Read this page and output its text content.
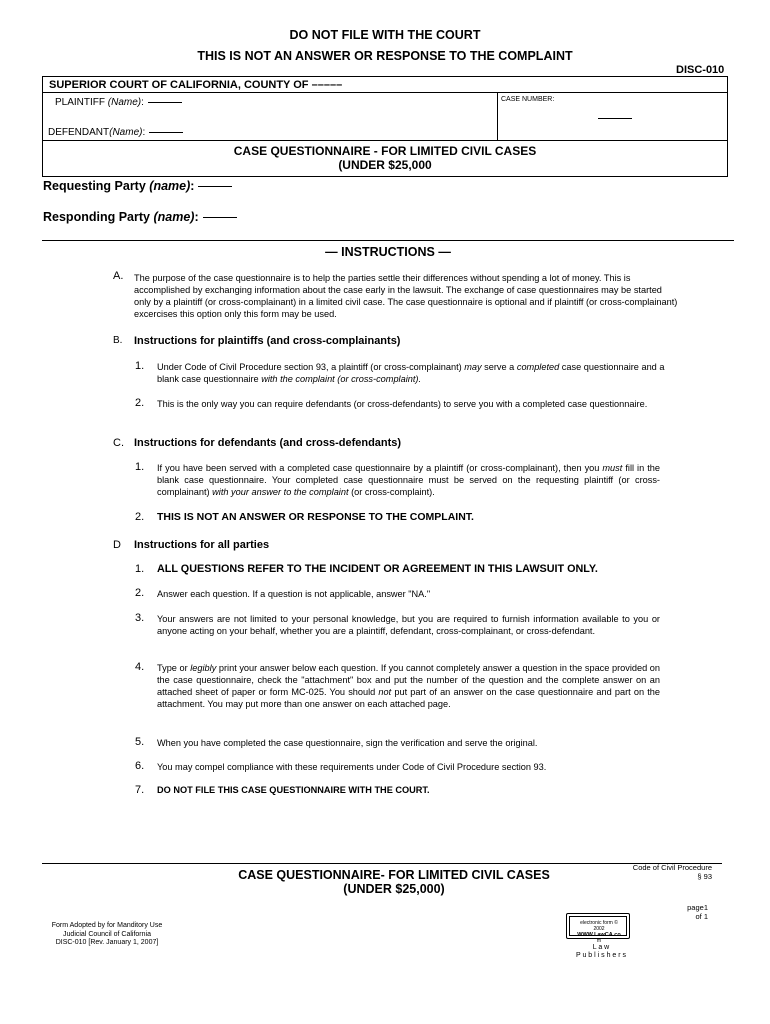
DO NOT FILE WITH THE COURT
THIS IS NOT AN ANSWER OR RESPONSE TO THE COMPLAINT
DISC-010
SUPERIOR COURT OF CALIFORNIA, COUNTY OF –––––
PLAINTIFF (Name):
DEFENDANT(Name):
CASE NUMBER:
CASE QUESTIONNAIRE - FOR LIMITED CIVIL CASES
(UNDER $25,000
Requesting Party (name):
Responding Party (name):
— INSTRUCTIONS —
A. The purpose of the case questionnaire is to help the parties settle their differences without spending a lot of money. This is accomplished by exchanging information about the case early in the lawsuit. The exchange of case questionnaires may be started only by a plaintiff (or cross-complainant) in a limited civil case. The case questionnaire is optional and if plaintiff (or cross-complainant) excercises this option only this form may be used.
B. Instructions for plaintiffs (and cross-complainants)
1. Under Code of Civil Procedure section 93, a plaintiff (or cross-complainant) may serve a completed case questionnaire and a blank case questionnaire with the complaint (or cross-complaint).
2. This is the only way you can require defendants (or cross-defendants) to serve you with a completed case questionnaire.
C. Instructions for defendants (and cross-defendants)
1. If you have been served with a completed case questionnaire by a plaintiff (or cross-complainant), then you must fill in the blank case questionnaire. Your completed case questionnaire must be served on the requesting plaintiff (or cross-complainant) with your answer to the complaint (or cross-complaint).
2. THIS IS NOT AN ANSWER OR RESPONSE TO THE COMPLAINT.
D Instructions for all parties
1. ALL QUESTIONS REFER TO THE INCIDENT OR AGREEMENT IN THIS LAWSUIT ONLY.
2. Answer each question. If a question is not applicable, answer "NA."
3. Your answers are not limited to your personal knowledge, but you are required to furnish information available to you or anyone acting on your behalf, whether you are a plaintiff, defendant, cross-complainant, or cross-defendant.
4. Type or legibly print your answer below each question. If you cannot completely answer a question in the space provided on the case questionnaire, check the "attachment" box and put the number of the question and the complete answer on an attached sheet of paper or form MC-025. You should not put part of an answer on the case questionnaire and part on the attachment. You may put more than one answer on each attached page.
5. When you have completed the case questionnaire, sign the verification and serve the original.
6. You may compel compliance with these requirements under Code of Civil Procedure section 93.
7. DO NOT FILE THIS CASE QUESTIONNAIRE WITH THE COURT.
CASE QUESTIONNAIRE- FOR LIMITED CIVIL CASES
(UNDER $25,000)
Code of Civil Procedure
§ 93
page1
of 1
Form Adopted by for Manditory Use
Judicial Council of California
DISC-010 [Rev. January 1, 2007]
electronic form ©
2002
WWW.LawCA.co
m
L a w
P u b l i s h e r s
